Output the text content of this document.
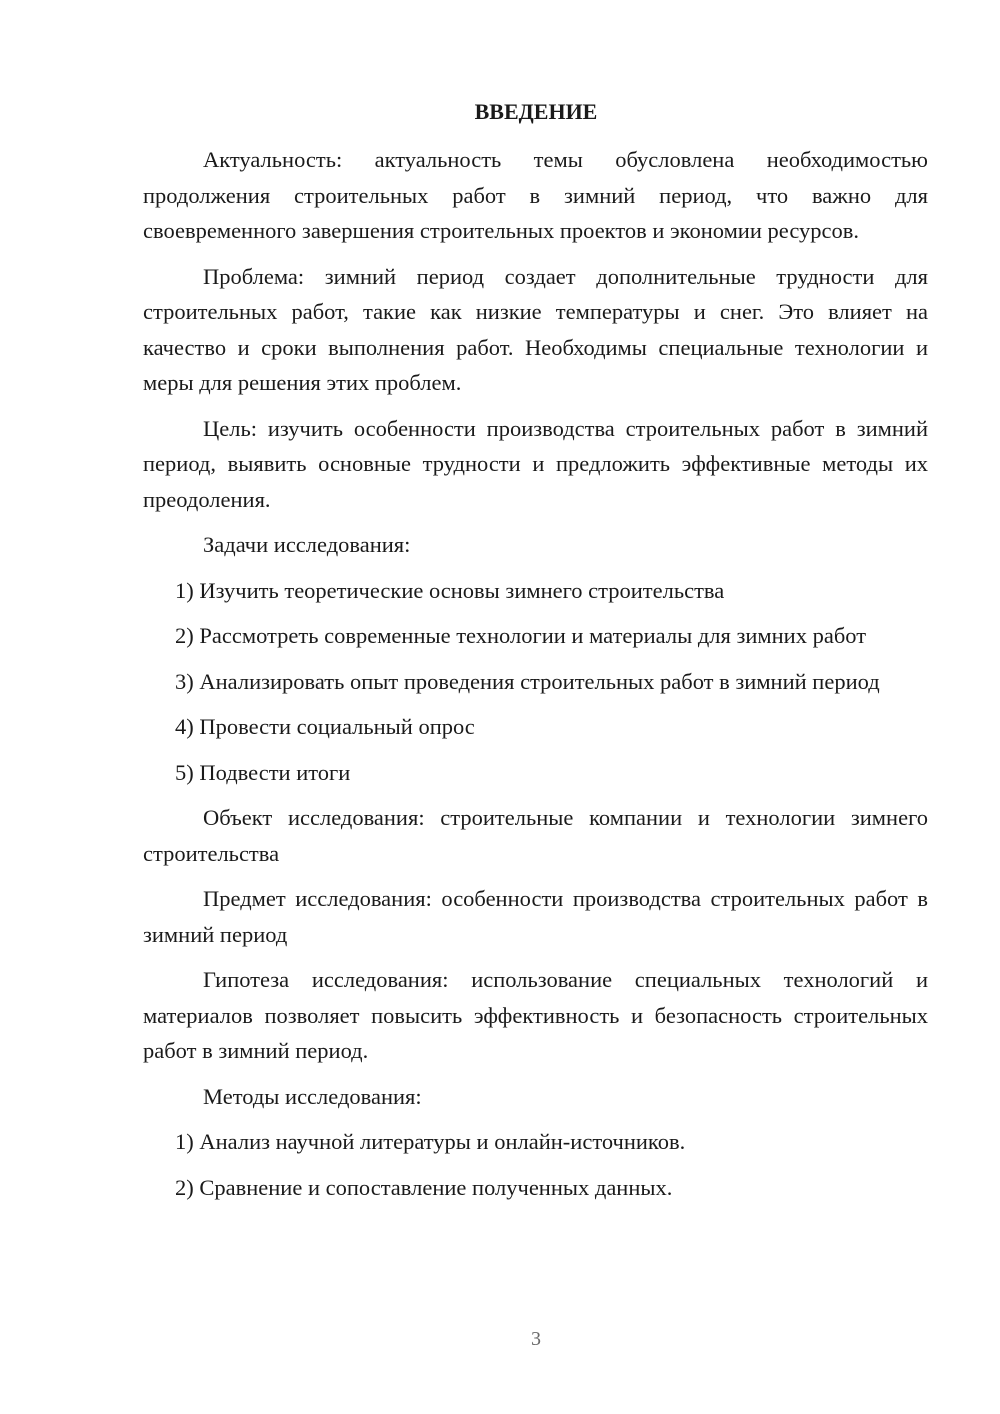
ВВЕДЕНИЕ

Актуальность: актуальность темы обусловлена необходимостью продолжения строительных работ в зимний период, что важно для своевременного завершения строительных проектов и экономии ресурсов.

Проблема: зимний период создает дополнительные трудности для строительных работ, такие как низкие температуры и снег. Это влияет на качество и сроки выполнения работ. Необходимы специальные технологии и меры для решения этих проблем.

Цель: изучить особенности производства строительных работ в зимний период, выявить основные трудности и предложить эффективные методы их преодоления.

Задачи исследования:

1) Изучить теоретические основы зимнего строительства

2) Рассмотреть современные технологии и материалы для зимних работ

3) Анализировать опыт проведения строительных работ в зимний период

4) Провести социальный опрос

5) Подвести итоги

Объект исследования: строительные компании и технологии зимнего строительства

Предмет исследования: особенности производства строительных работ в зимний период

Гипотеза исследования: использование специальных технологий и материалов позволяет повысить эффективность и безопасность строительных работ в зимний период.

Методы исследования:

1) Анализ научной литературы и онлайн-источников.

2) Сравнение и сопоставление полученных данных.

3
